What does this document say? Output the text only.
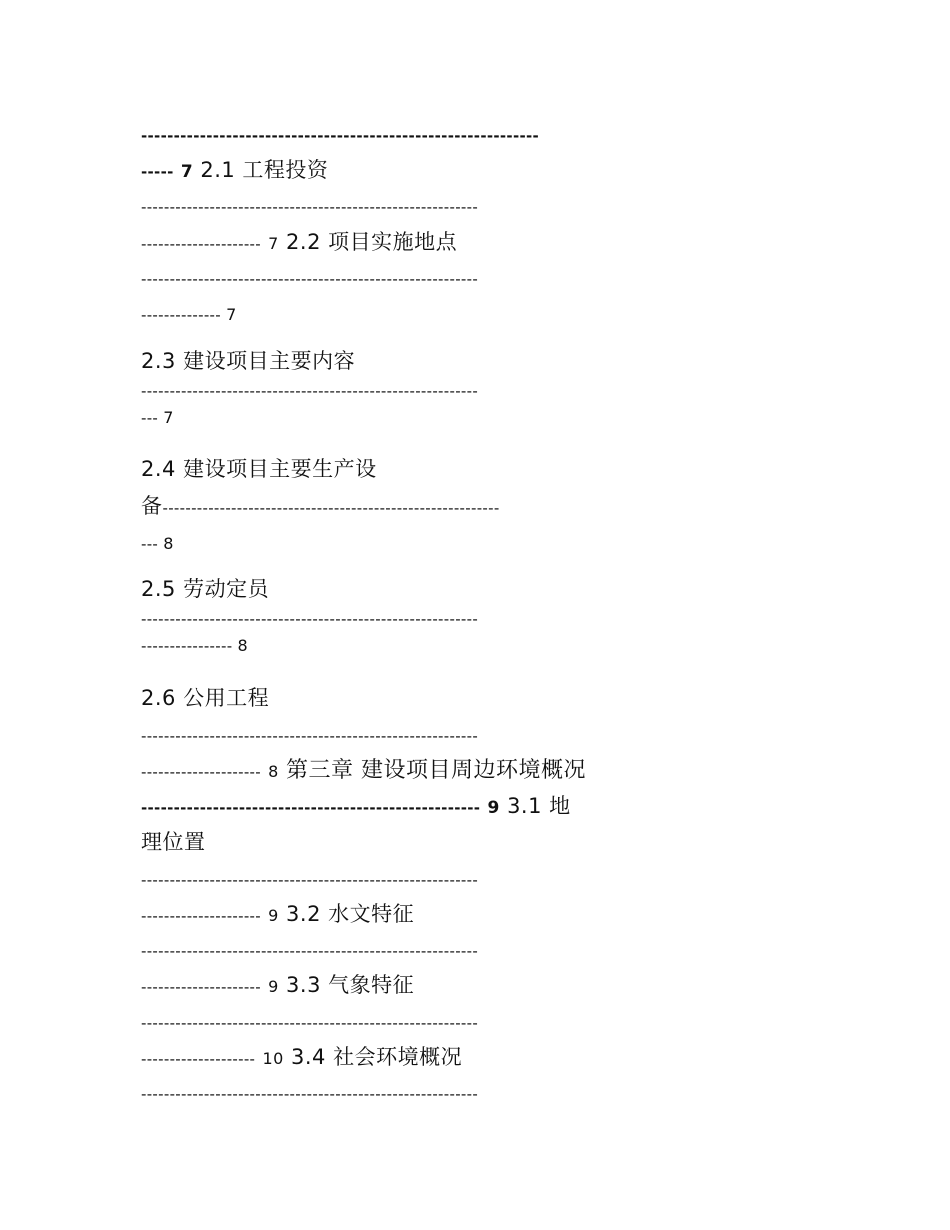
-------------------------------------------------------------
----- 7 2.1 工程投资
-----------------------------------------------------------
--------------------- 7 2.2 项目实施地点
-----------------------------------------------------------
-------------- 7
2.3 建设项目主要内容
-----------------------------------------------------------
--- 7
2.4 建设项目主要生产设
备-----------------------------------------------------------
--- 8
2.5 劳动定员
-----------------------------------------------------------
---------------- 8
2.6 公用工程
-----------------------------------------------------------
--------------------- 8 第三章 建设项目周边环境概况
---------------------------------------------------- 9 3.1 地
理位置
-----------------------------------------------------------
--------------------- 9 3.2 水文特征
-----------------------------------------------------------
--------------------- 9 3.3 气象特征
-----------------------------------------------------------
-------------------- 10 3.4 社会环境概况
-----------------------------------------------------------
